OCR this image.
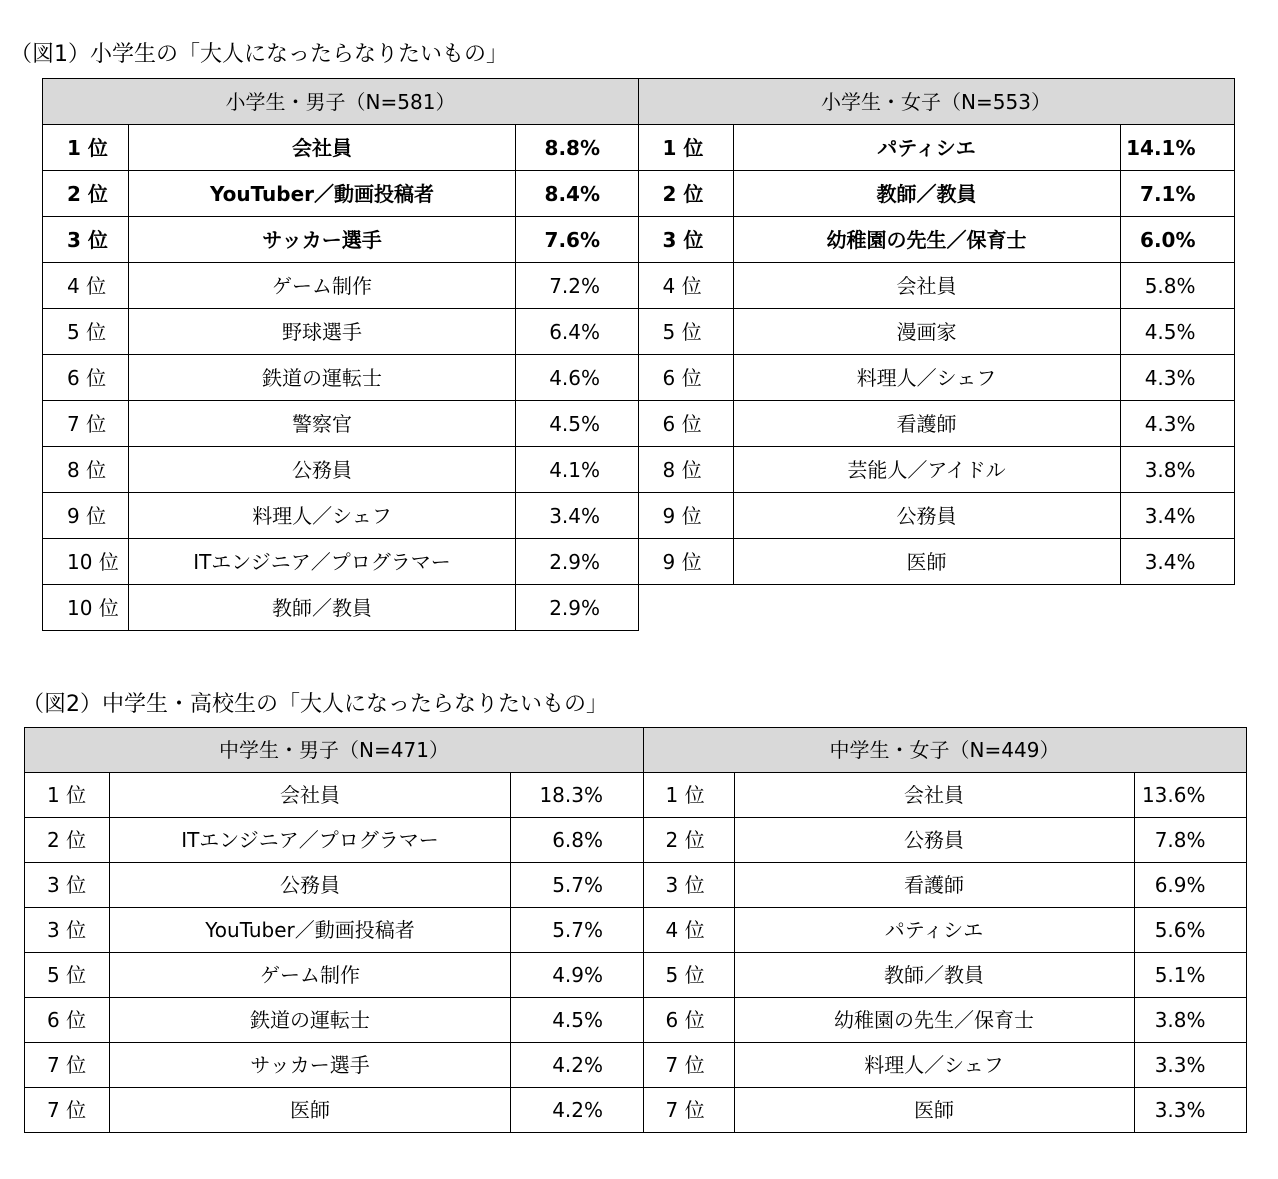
（図1）小学生の「大人になったらなりたいもの」
小学生・男子（N=581）		
1 位	会社員	8.8%
2 位	YouTuber／動画投稿者	8.4%
3 位	サッカー選手	7.6%
4 位	ゲーム制作	7.2%
5 位	野球選手	6.4%
6 位	鉄道の運転士	4.6%
7 位	警察官	4.5%
8 位	公務員	4.1%
9 位	料理人／シェフ	3.4%
10 位	ITエンジニア／プログラマー	2.9%
10 位	教師／教員	2.9%
小学生・女子（N=553）		
1 位	パティシエ	14.1%
2 位	教師／教員	7.1%
3 位	幼稚園の先生／保育士	6.0%
4 位	会社員	5.8%
5 位	漫画家	4.5%
6 位	料理人／シェフ	4.3%
6 位	看護師	4.3%
8 位	芸能人／アイドル	3.8%
9 位	公務員	3.4%
9 位	医師	3.4%
（図2）中学生・高校生の「大人になったらなりたいもの」
中学生・男子（N=471）		
1 位	会社員	18.3%
2 位	ITエンジニア／プログラマー	6.8%
3 位	公務員	5.7%
3 位	YouTuber／動画投稿者	5.7%
5 位	ゲーム制作	4.9%
6 位	鉄道の運転士	4.5%
7 位	サッカー選手	4.2%
7 位	医師	4.2%
中学生・女子（N=449）		
1 位	会社員	13.6%
2 位	公務員	7.8%
3 位	看護師	6.9%
4 位	パティシエ	5.6%
5 位	教師／教員	5.1%
6 位	幼稚園の先生／保育士	3.8%
7 位	料理人／シェフ	3.3%
7 位	医師	3.3%
